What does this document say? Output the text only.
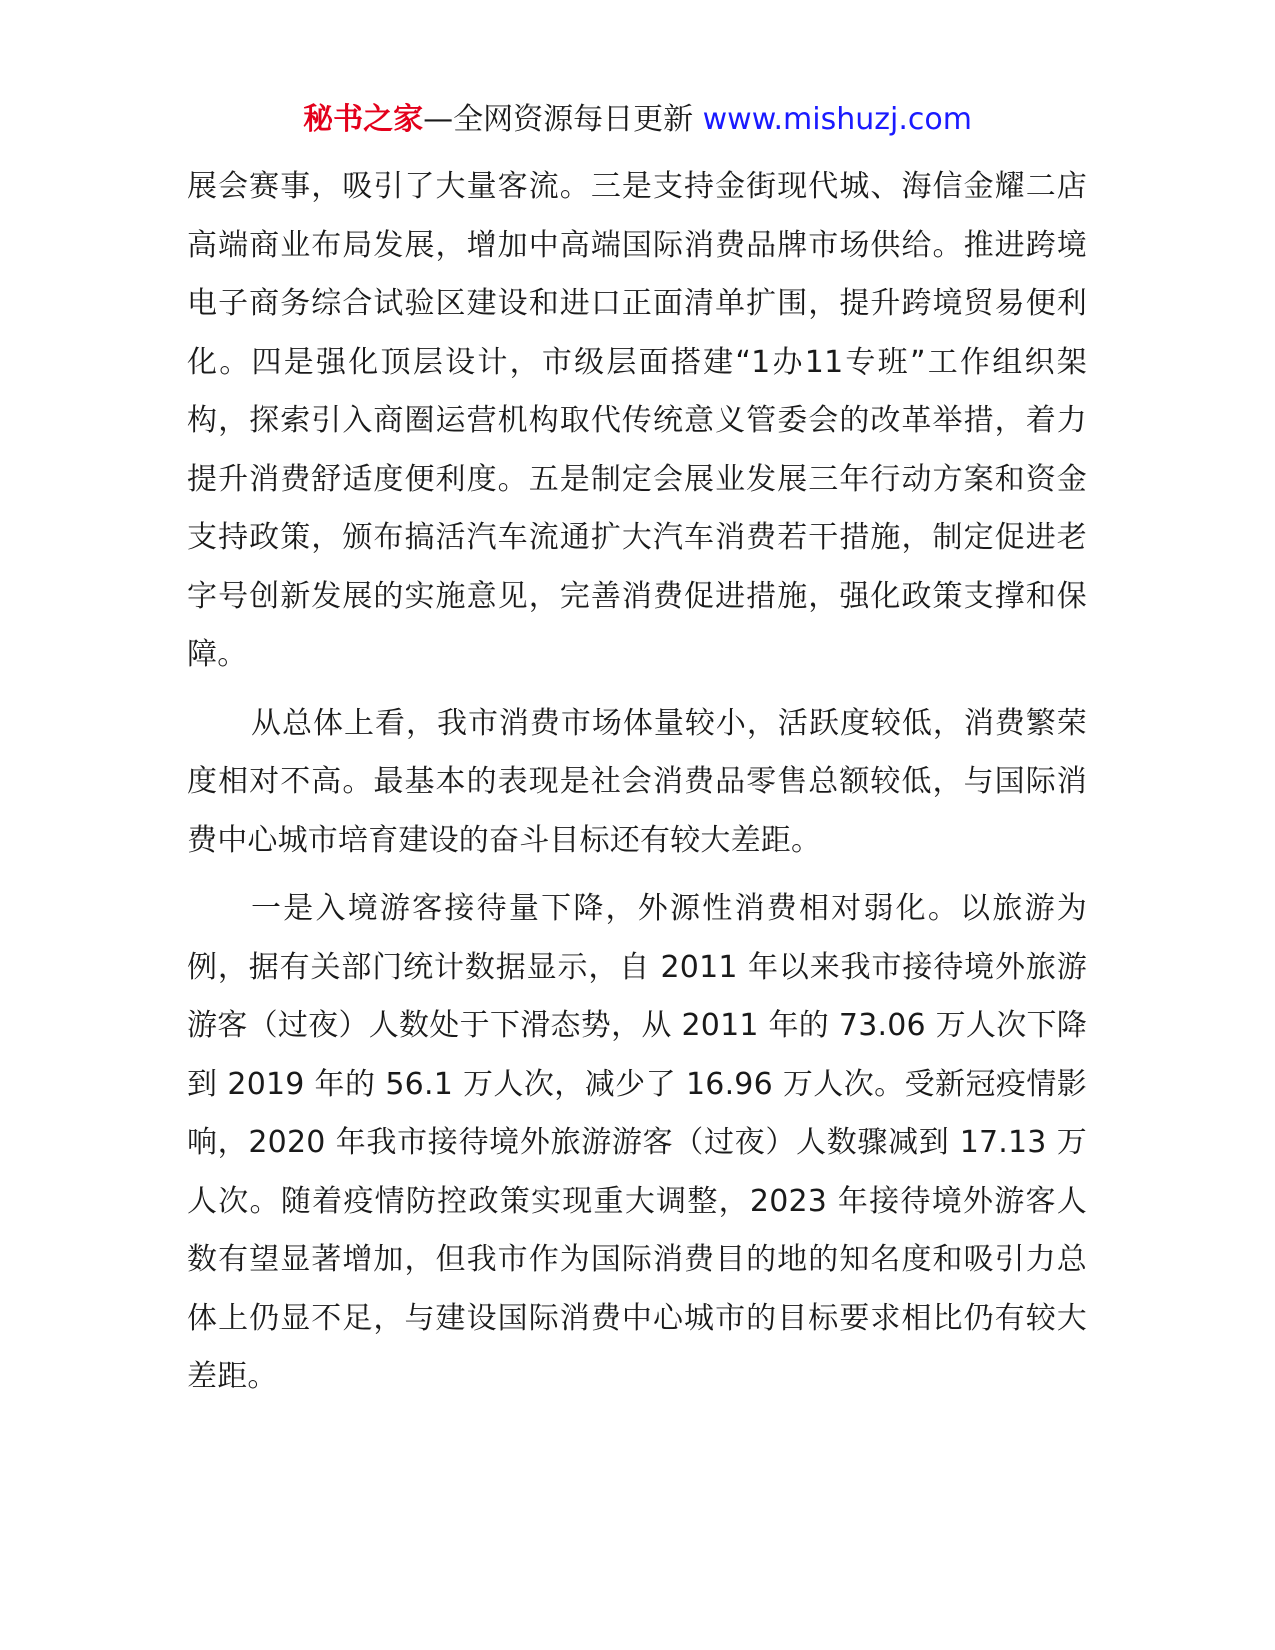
秘书之家—全网资源每日更新 www.mishuzj.com

展会赛事，吸引了大量客流。三是支持金街现代城、海信金耀二店高端商业布局发展，增加中高端国际消费品牌市场供给。推进跨境电子商务综合试验区建设和进口正面清单扩围，提升跨境贸易便利化。四是强化顶层设计，市级层面搭建“1办11专班”工作组织架构，探索引入商圈运营机构取代传统意义管委会的改革举措，着力提升消费舒适度便利度。五是制定会展业发展三年行动方案和资金支持政策，颁布搞活汽车流通扩大汽车消费若干措施，制定促进老字号创新发展的实施意见，完善消费促进措施，强化政策支撑和保障。

从总体上看，我市消费市场体量较小，活跃度较低，消费繁荣度相对不高。最基本的表现是社会消费品零售总额较低，与国际消费中心城市培育建设的奋斗目标还有较大差距。

一是入境游客接待量下降，外源性消费相对弱化。以旅游为例，据有关部门统计数据显示，自 2011 年以来我市接待境外旅游游客（过夜）人数处于下滑态势，从 2011 年的 73.06 万人次下降到 2019 年的 56.1 万人次，减少了 16.96 万人次。受新冠疫情影响，2020 年我市接待境外旅游游客（过夜）人数骤减到 17.13 万人次。随着疫情防控政策实现重大调整，2023 年接待境外游客人数有望显著增加，但我市作为国际消费目的地的知名度和吸引力总体上仍显不足，与建设国际消费中心城市的目标要求相比仍有较大差距。
